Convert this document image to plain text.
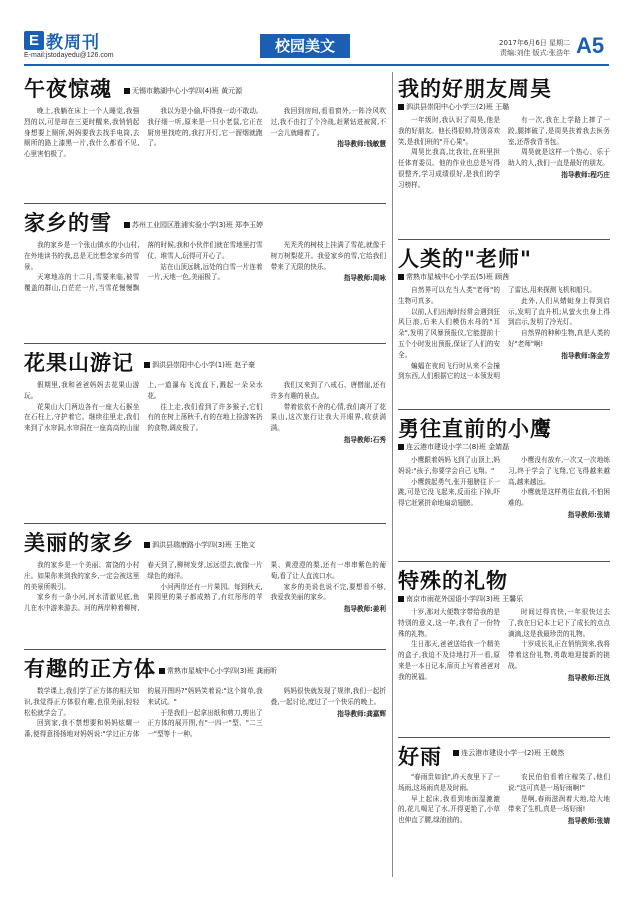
E 教周刊
E-mail:jstodayedu@126.com
校园美文	2017年6月6日 星期二
责编:刘佳 版式:张浩年 A5
午夜惊魂	无锡市鹅湖中心小学四(4)班 黄元源

晚上,我躺在床上一个人睡觉,我强烈的以,可是却在三更时醒来,我悄悄起身想要上厕所,妈妈要我去找手电筒,去厕所的路上漆黑一片,我什么都看不见,心里害怕极了。

我以为是小偷,吓得我一动不敢动。我仔细一听,原来是一只小老鼠,它正在厨房里找吃的,我打开灯,它一溜烟就跑了。

我回到房间,看看窗外,一阵冷风吹过,我不由打了个冷战,赶紧钻进被窝,不一会儿就睡着了。

指导教师:钱敏慧
家乡的雪	苏州工业园区胜浦实验小学(3)班 郑李玉婷

我的家乡是一个张山镇水的小山村,在外地读书的我,总是无比想念家乡的雪景。

天寒地冻的十二月,雪要来临,被雪覆盖的群山,白茫茫一片,当雪花慢慢飘落的时候,我和小伙伴们就在雪地里打雪仗、堆雪人,玩得可开心了。

站在山顶远眺,远处的白雪一片连着一片,天地一色,美丽极了。

光秃秃的树枝上挂满了雪花,就像千树万树梨花开。我爱家乡的雪,它给我们带来了无限的快乐。

指导教师:周咏
花果山游记	泗洪县崇阳中心小学(1)班 赵子豪

假期里,我和爸爸妈妈去花果山游玩。

花果山大门两边各有一座大石猴坐在石柱上,守护着它。继续往里走,我们来到了水帘洞,水帘洞在一座高高的山崖上,一道瀑布飞流直下,溅起一朵朵水花。

往上走,我们看到了许多猴子,它们有的在树上荡秋千,有的在地上捡游客扔的食物,调皮极了。

我们又来到了八戒石、唐僧崖,还有许多有趣的景点。

带着依依不舍的心情,我们离开了花果山,这次旅行让我大开眼界,收获满满。

指导教师:石秀
美丽的家乡	泗洪县瑞康路小学四(3)班 王艳文

我的家乡是一个美丽、富饶的小村庄。如果你来到我的家乡,一定会被这里的美景所吸引。

家乡有一条小河,河水清澈见底,鱼儿在水中游来游去。河的两岸种着柳树,春天到了,柳树发芽,远远望去,就像一片绿色的海洋。

小河两岸还有一片果园。每到秋天,果园里的果子都成熟了,有红彤彤的苹果、黄澄澄的梨,还有一串串紫色的葡萄,看了让人直流口水。

家乡的美说也说不完,要想看不够,我爱我美丽的家乡。

指导教师:姜利
有趣的正方体	常熟市星城中心小学四(3)班 龚雨昕

数学课上,我们学了正方体的相关知识,我觉得正方体很有趣,也很美丽,轻轻松松就学会了。

回到家,我不禁想要和妈妈炫耀一番,便得意扬扬地对妈妈说:"学过正方体的展开图吗?"妈妈笑着说:"这个简单,我来试试。"

于是我们一起拿出纸和剪刀,剪出了正方体的展开图,有"一四一"型、"二三一"型等十一种。

妈妈很快就发现了规律,我们一起折叠,一起讨论,度过了一个快乐的晚上。

指导教师:龚嘉辉
我的好朋友周昊
泗洪县崇阳中心小学三(2)班 王璐

一年级时,我认识了周昊,他是我的好朋友。他长得很帅,特别喜欢笑,是我们班的"开心果"。

周昊比我高,比我壮,在班里担任体育委员。他的作业也总是写得很整齐,学习成绩很好,是我们的学习榜样。

有一次,我在上学路上摔了一跤,腿摔破了,是周昊扶着我去医务室,还帮我背书包。

周昊就是这样一个热心、乐于助人的人,我们一直是最好的朋友。

指导教师:程巧庄
人类的"老师"
常熟市星城中心小学五(5)班 顾茜

自然界可以充当人类"老师"的生物可真多。

以前,人们出海时经常会遇到狂风巨浪,后来人们模仿水母的"耳朵",发明了风暴预报仪,它能提前十五个小时发出预报,保证了人们的安全。

蝙蝠在夜间飞行时从来不会撞到东西,人们根据它的这一本领发明了雷达,用来探测飞机和船只。

此外,人们从蜻蜓身上得到启示,发明了直升机;从萤火虫身上得到启示,发明了冷光灯。

自然界的种种生物,真是人类的好"老师"啊!

指导教师:陈金芳
勇往直前的小鹰
连云港市建设小学二(8)班 金婧磊

小鹰跟着妈妈飞到了山顶上,妈妈说:"孩子,你要学会自己飞翔。"

小鹰鼓起勇气,张开翅膀往下一跳,可是它没飞起来,反而往下掉,吓得它赶紧拼命地扇动翅膀。

小鹰没有放弃,一次又一次地练习,终于学会了飞翔,它飞得越来越高,越来越远。

小鹰就是这样勇往直前,不怕困难的。

指导教师:张婧
特殊的礼物
南京市雨花外国语小学四(3)班 王馨乐

十岁,那对大便数字带给我的是特别的意义,这一年,我有了一份特殊的礼物。

生日那天,爸爸送给我一个精美的盒子,我迫不及待地打开一看,原来是一本日记本,扉页上写着爸爸对我的祝福。

时间过得真快,一年很快过去了,我在日记本上记下了成长的点点滴滴,这是我最珍贵的礼物。

十岁成长礼正在悄悄到来,我将带着这份礼物,勇敢地迎接新的挑战。

指导教师:汪岚
好雨	连云港市建设小学一(2)班 王兢然

"春雨贵如油",昨天夜里下了一场雨,这场雨真是及时雨。

早上起床,我看到地面湿漉漉的,花儿喝足了水,开得更艳了,小草也伸直了腰,绿油油的。

农民伯伯看着庄稼笑了,他们说:"这可真是一场好雨啊!"

是啊,春雨滋润着大地,给大地带来了生机,真是一场好雨!

指导教师:张婧
